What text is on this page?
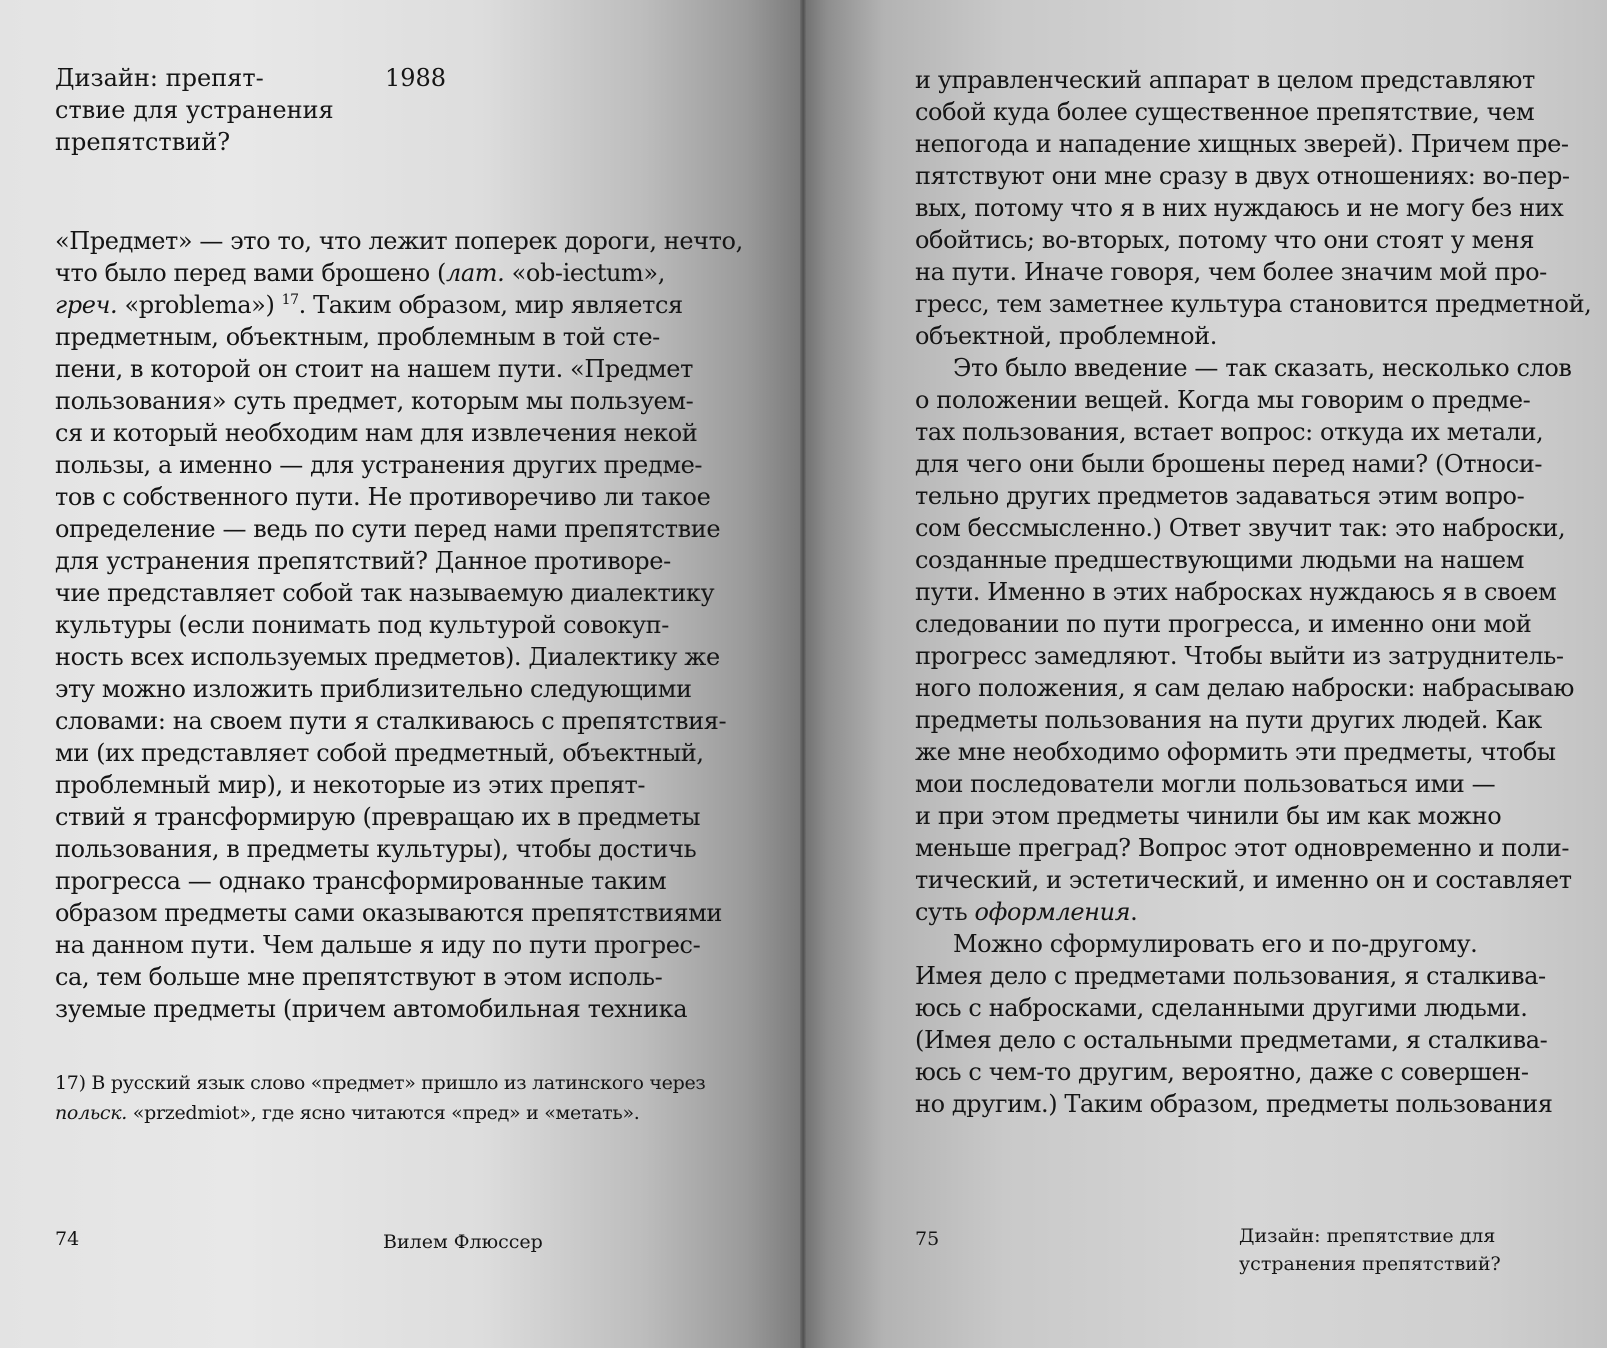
Дизайн: препят-
ствие для устранения
препятствий?
1988
«Предмет» — это то, что лежит поперек дороги, нечто,
что было перед вами брошено (лат. «ob-iectum»,
греч. «problema») $^{17}$. Таким образом, мир является
предметным, объектным, проблемным в той сте-
пени, в которой он стоит на нашем пути. «Предмет
пользования» суть предмет, которым мы пользуем-
ся и который необходим нам для извлечения некой
пользы, а именно — для устранения других предме-
тов с собственного пути. Не противоречиво ли такое
определение — ведь по сути перед нами препятствие
для устранения препятствий? Данное противоре-
чие представляет собой так называемую диалектику
культуры (если понимать под культурой совокуп-
ность всех используемых предметов). Диалектику же
эту можно изложить приблизительно следующими
словами: на своем пути я сталкиваюсь с препятствия-
ми (их представляет собой предметный, объектный,
проблемный мир), и некоторые из этих препят-
ствий я трансформирую (превращаю их в предметы
пользования, в предметы культуры), чтобы достичь
прогресса — однако трансформированные таким
образом предметы сами оказываются препятствиями
на данном пути. Чем дальше я иду по пути прогрес-
са, тем больше мне препятствуют в этом исполь-
зуемые предметы (причем автомобильная техника
17) В русский язык слово «предмет» пришло из латинского через
польск. «przedmiot», где ясно читаются «пред» и «метать».
74	Вилем Флюссер
и управленческий аппарат в целом представляют
собой куда более существенное препятствие, чем
непогода и нападение хищных зверей). Причем пре-
пятствуют они мне сразу в двух отношениях: во-пер-
вых, потому что я в них нуждаюсь и не могу без них
обойтись; во-вторых, потому что они стоят у меня
на пути. Иначе говоря, чем более значим мой про-
гресс, тем заметнее культура становится предметной,
объектной, проблемной.
Это было введение — так сказать, несколько слов
о положении вещей. Когда мы говорим о предме-
тах пользования, встает вопрос: откуда их метали,
для чего они были брошены перед нами? (Относи-
тельно других предметов задаваться этим вопро-
сом бессмысленно.) Ответ звучит так: это наброски,
созданные предшествующими людьми на нашем
пути. Именно в этих набросках нуждаюсь я в своем
следовании по пути прогресса, и именно они мой
прогресс замедляют. Чтобы выйти из затруднитель-
ного положения, я сам делаю наброски: набрасываю
предметы пользования на пути других людей. Как
же мне необходимо оформить эти предметы, чтобы
мои последователи могли пользоваться ими —
и при этом предметы чинили бы им как можно
меньше преград? Вопрос этот одновременно и поли-
тический, и эстетический, и именно он и составляет
суть оформления.
Можно сформулировать его и по-другому.
Имея дело с предметами пользования, я сталкива-
юсь с набросками, сделанными другими людьми.
(Имея дело с остальными предметами, я сталкива-
юсь с чем-то другим, вероятно, даже с совершен-
но другим.) Таким образом, предметы пользования
75	Дизайн: препятствие для
устранения препятствий?
